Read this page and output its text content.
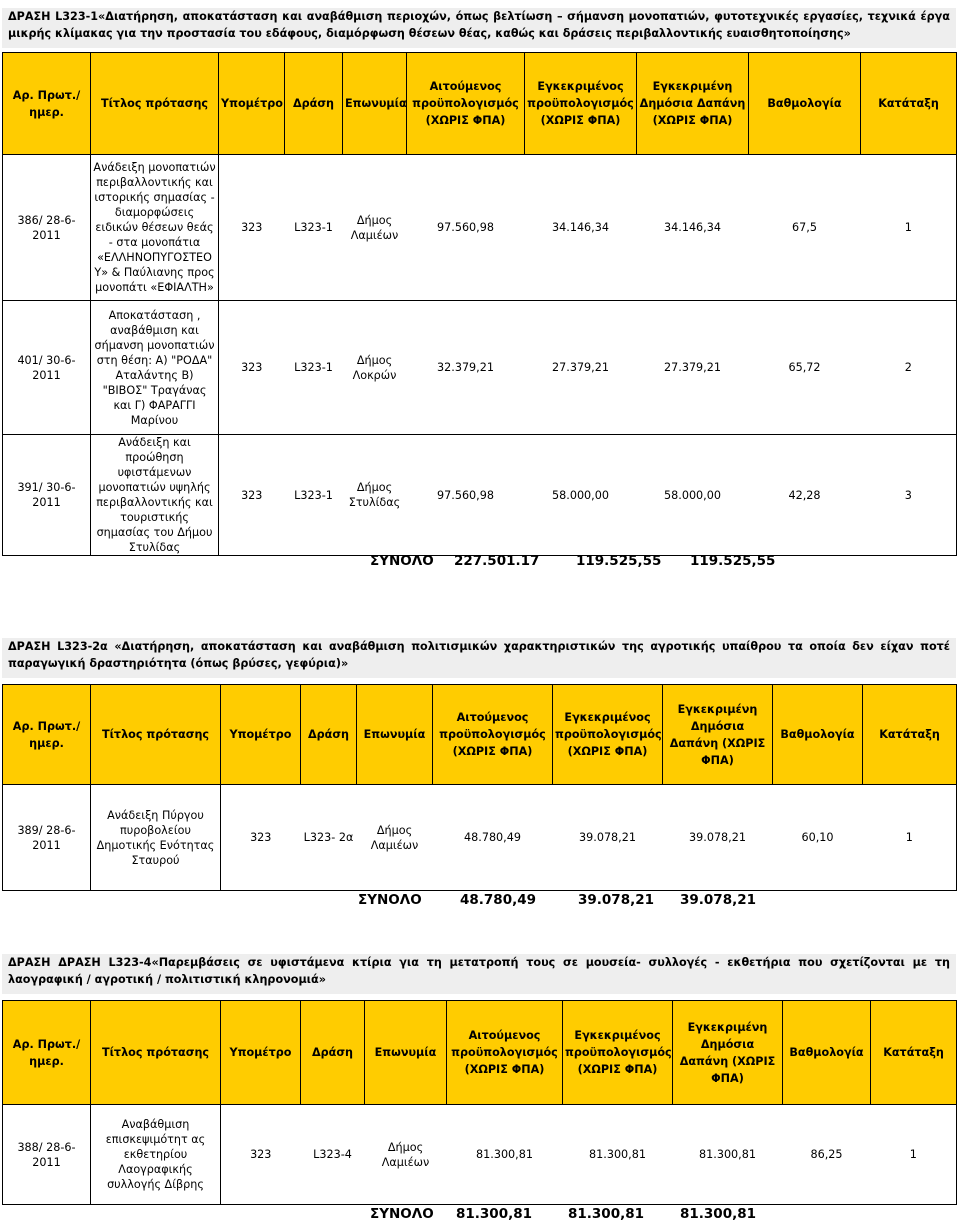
ΔΡΑΣΗ L323-1«Διατήρηση, αποκατάσταση και αναβάθμιση περιοχών, όπως βελτίωση – σήμανση μονοπατιών, φυτοτεχνικές εργασίες, τεχνικά έργα μικρής κλίμακας για την προστασία του εδάφους, διαμόρφωση θέσεων θέας, καθώς και δράσεις περιβαλλοντικής ευαισθητοποίησης»
Αρ. Πρωτ./ημερ.	Τίτλος πρότασης	Υπομέτρο	Δράση	Επωνυμία	Αιτούμενος προϋπολογισμός (ΧΩΡΙΣ ΦΠΑ)	Εγκεκριμένος προϋπολογισμός (ΧΩΡΙΣ ΦΠΑ)	Εγκεκριμένη Δημόσια Δαπάνη (ΧΩΡΙΣ ΦΠΑ)	Βαθμολογία	Κατάταξη
386/ 28-6-2011	Ανάδειξη μονοπατιών περιβαλλοντικής και ιστορικής σημασίας - διαμορφώσεις ειδικών θέσεων θεάς - στα μονοπάτια «ΕΛΛΗΝΟΠΥΓΟΣΤΕΟ Υ» & Παύλιανης προς μονοπάτι «ΕΦΙΑΛΤΗ»	323	L323-1	Δήμος Λαμιέων	97.560,98	34.146,34	34.146,34	67,5	1
401/ 30-6-2011	Αποκατάσταση , αναβάθμιση και σήμανση μονοπατιών στη θέση: Α) "ΡΟΔΑ" Αταλάντης Β) "ΒΙΒΟΣ" Τραγάνας και Γ) ΦΑΡΑΓΓΙ Μαρίνου	323	L323-1	Δήμος Λοκρών	32.379,21	27.379,21	27.379,21	65,72	2
391/ 30-6-2011	Ανάδειξη και προώθηση υφιστάμενων μονοπατιών υψηλής περιβαλλοντικής και τουριστικής σημασίας του Δήμου Στυλίδας	323	L323-1	Δήμος Στυλίδας	97.560,98	58.000,00	58.000,00	42,28	3
ΣΥΝΟΛΟ 227.501.17	119.525,55 119.525,55
ΔΡΑΣΗ L323-2α «Διατήρηση, αποκατάσταση και αναβάθμιση πολιτισμικών χαρακτηριστικών της αγροτικής υπαίθρου τα οποία δεν είχαν ποτέ παραγωγική δραστηριότητα (όπως βρύσες, γεφύρια)»
Αρ. Πρωτ./ημερ.	Τίτλος πρότασης	Υπομέτρο	Δράση	Επωνυμία	Αιτούμενος προϋπολογισμός (ΧΩΡΙΣ ΦΠΑ)	Εγκεκριμένος προϋπολογισμός (ΧΩΡΙΣ ΦΠΑ)	Εγκεκριμένη Δημόσια Δαπάνη (ΧΩΡΙΣ ΦΠΑ)	Βαθμολογία	Κατάταξη
389/ 28-6-2011	Ανάδειξη Πύργου πυροβολείου Δημοτικής Ενότητας Σταυρού	323	L323- 2α	Δήμος Λαμιέων	48.780,49	39.078,21	39.078,21	60,10	1
ΣΥΝΟΛΟ	48.780,49	39.078,21 39.078,21
ΔΡΑΣΗ ΔΡΑΣΗ L323-4«Παρεμβάσεις σε υφιστάμενα κτίρια για τη μετατροπή τους σε μουσεία- συλλογές - εκθετήρια που σχετίζονται με τη λαογραφική / αγροτική / πολιτιστική κληρονομιά»
Αρ. Πρωτ./ημερ.	Τίτλος πρότασης	Υπομέτρο	Δράση	Επωνυμία	Αιτούμενος προϋπολογισμός (ΧΩΡΙΣ ΦΠΑ)	Εγκεκριμένος προϋπολογισμός (ΧΩΡΙΣ ΦΠΑ)	Εγκεκριμένη Δημόσια Δαπάνη (ΧΩΡΙΣ ΦΠΑ)	Βαθμολογία	Κατάταξη
388/ 28-6-2011	Αναβάθμιση επισκεψιμότητ ας εκθετηρίου Λαογραφικής συλλογής Δίβρης	323	L323-4	Δήμος Λαμιέων	81.300,81	81.300,81	81.300,81	86,25	1
ΣΥΝΟΛΟ 81.300,81	81.300,81	81.300,81
